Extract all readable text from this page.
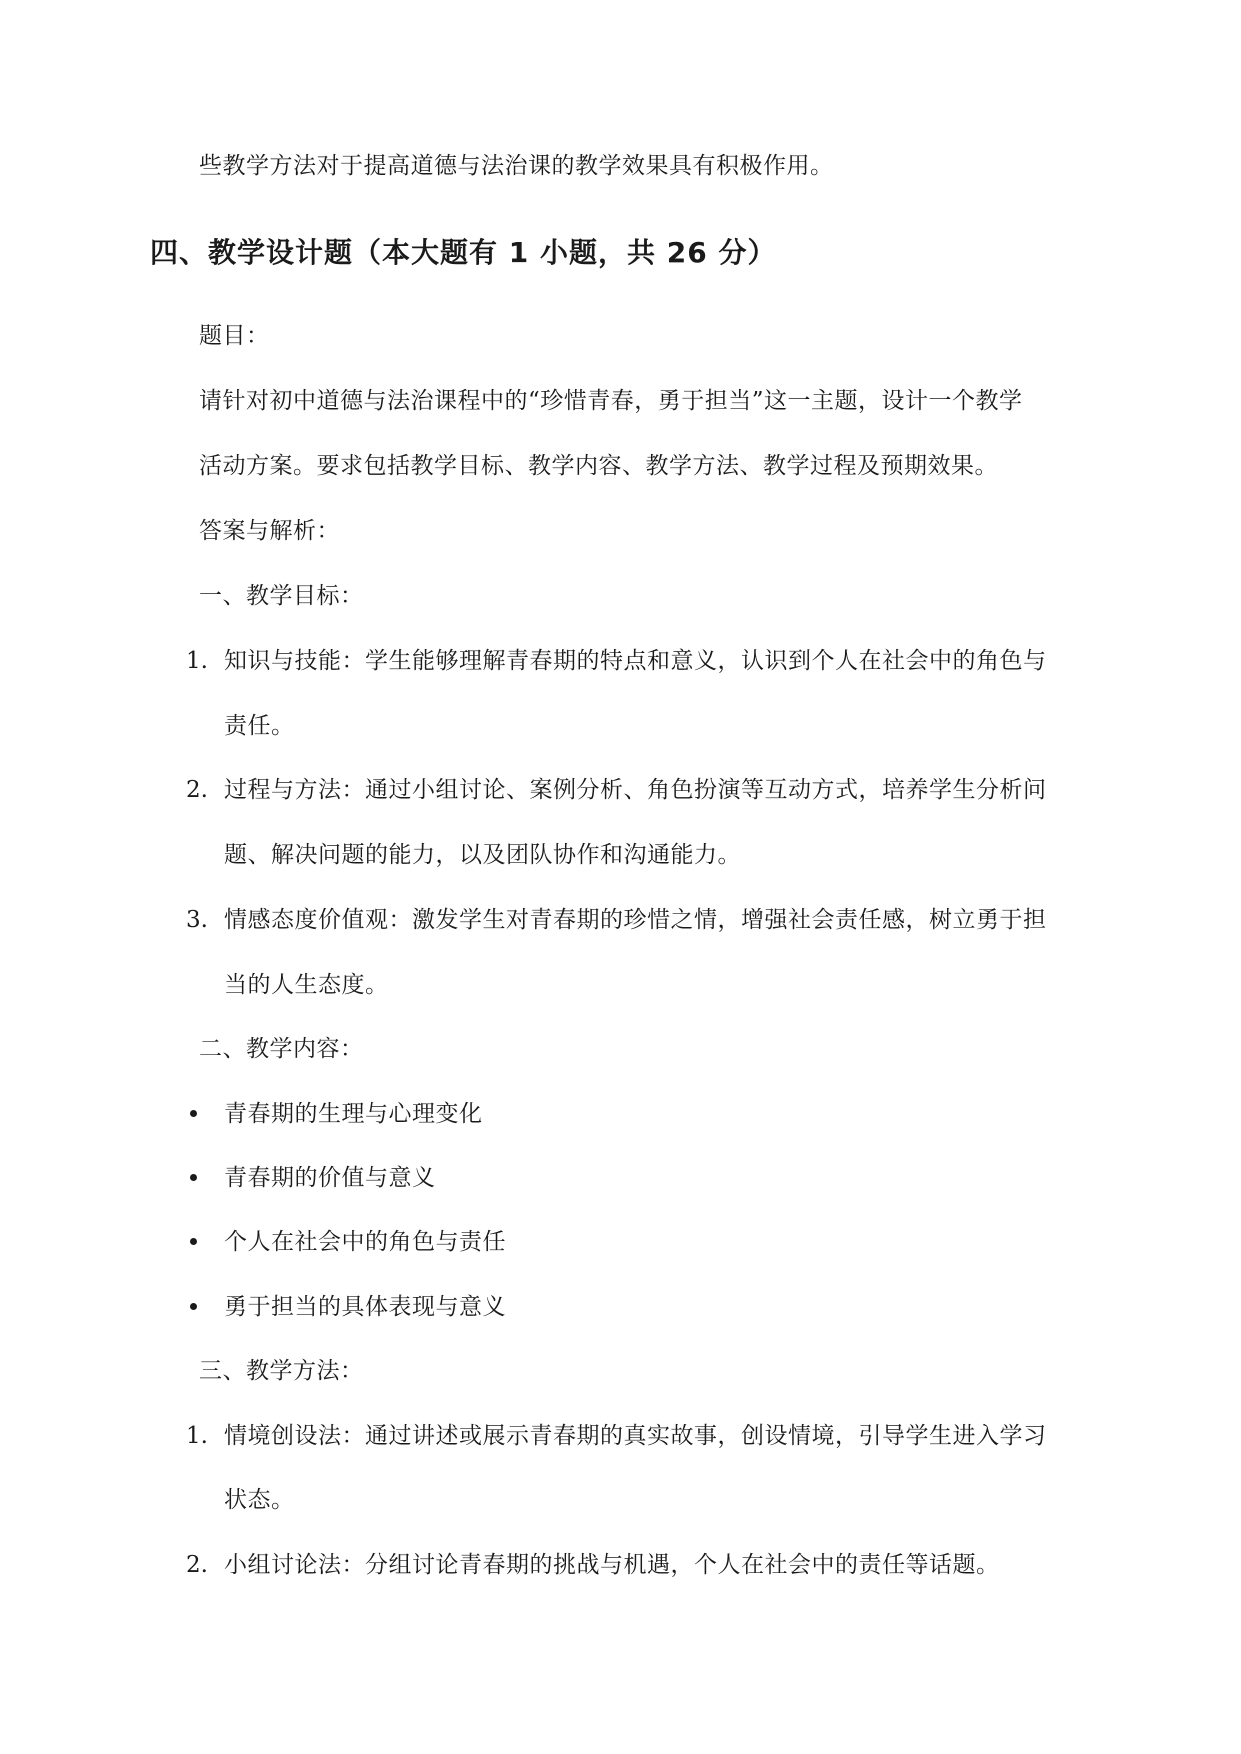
些教学方法对于提高道德与法治课的教学效果具有积极作用。
四、教学设计题（本大题有 1 小题，共 26 分）
题目：
请针对初中道德与法治课程中的“珍惜青春，勇于担当”这一主题，设计一个教学
活动方案。要求包括教学目标、教学内容、教学方法、教学过程及预期效果。
答案与解析：
一、教学目标：
1. 知识与技能：学生能够理解青春期的特点和意义，认识到个人在社会中的角色与
责任。
2. 过程与方法：通过小组讨论、案例分析、角色扮演等互动方式，培养学生分析问
题、解决问题的能力，以及团队协作和沟通能力。
3. 情感态度价值观：激发学生对青春期的珍惜之情，增强社会责任感，树立勇于担
当的人生态度。
二、教学内容：
青春期的生理与心理变化
青春期的价值与意义
个人在社会中的角色与责任
勇于担当的具体表现与意义
三、教学方法：
1. 情境创设法：通过讲述或展示青春期的真实故事，创设情境，引导学生进入学习
状态。
2. 小组讨论法：分组讨论青春期的挑战与机遇，个人在社会中的责任等话题。
